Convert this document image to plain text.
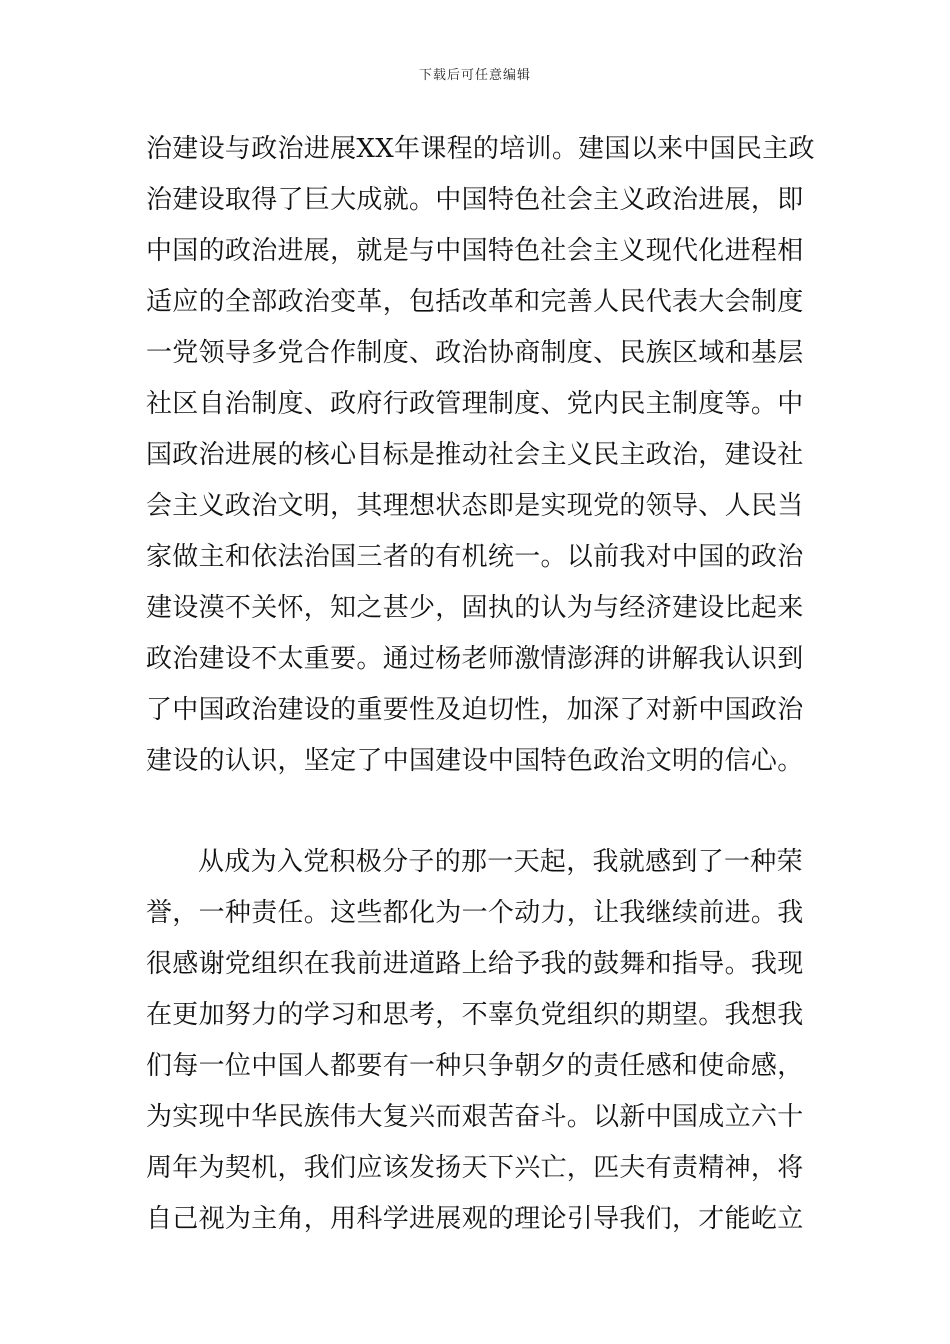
下载后可任意编辑
治建设与政治进展XX年课程的培训。建国以来中国民主政
治建设取得了巨大成就。中国特色社会主义政治进展，即
中国的政治进展，就是与中国特色社会主义现代化进程相
适应的全部政治变革，包括改革和完善人民代表大会制度
一党领导多党合作制度、政治协商制度、民族区域和基层
社区自治制度、政府行政管理制度、党内民主制度等。中
国政治进展的核心目标是推动社会主义民主政治，建设社
会主义政治文明，其理想状态即是实现党的领导、人民当
家做主和依法治国三者的有机统一。以前我对中国的政治
建设漠不关怀，知之甚少，固执的认为与经济建设比起来
政治建设不太重要。通过杨老师激情澎湃的讲解我认识到
了中国政治建设的重要性及迫切性，加深了对新中国政治
建设的认识，坚定了中国建设中国特色政治文明的信心。
从成为入党积极分子的那一天起，我就感到了一种荣
誉，一种责任。这些都化为一个动力，让我继续前进。我
很感谢党组织在我前进道路上给予我的鼓舞和指导。我现
在更加努力的学习和思考，不辜负党组织的期望。我想我
们每一位中国人都要有一种只争朝夕的责任感和使命感，
为实现中华民族伟大复兴而艰苦奋斗。以新中国成立六十
周年为契机，我们应该发扬天下兴亡，匹夫有责精神，将
自己视为主角，用科学进展观的理论引导我们，才能屹立
